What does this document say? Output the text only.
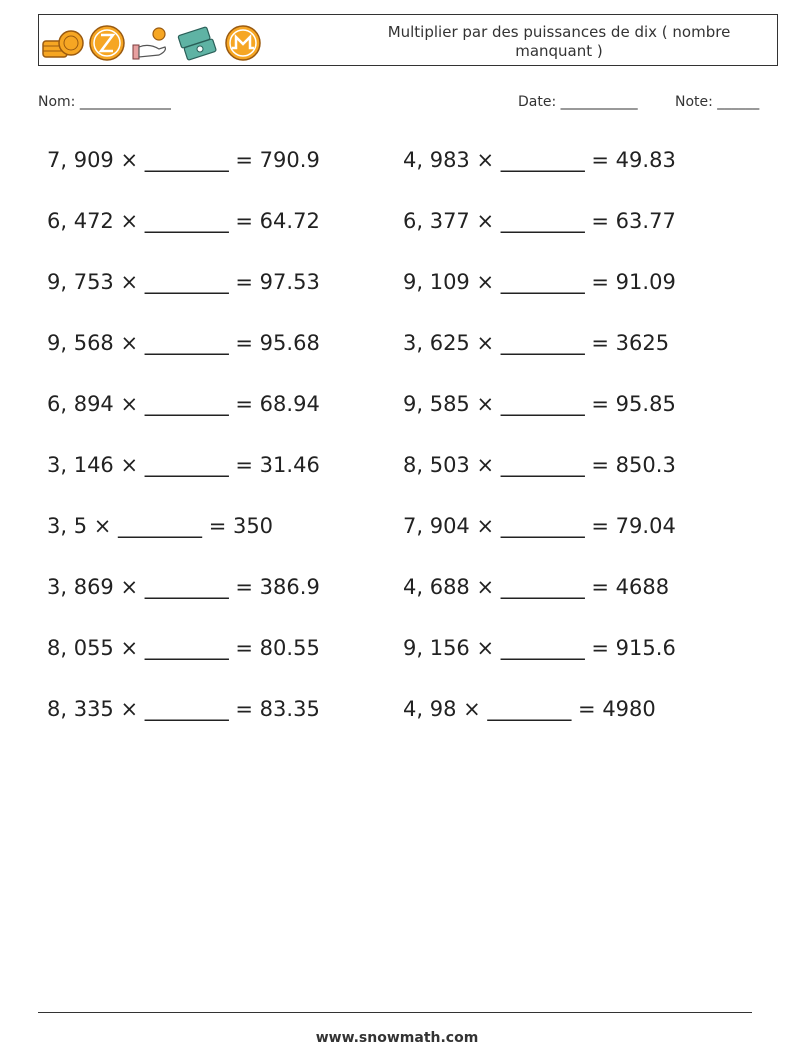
Multiplier par des puissances de dix ( nombre manquant )
Nom: _____________	Date: ___________	Note: ______
7, 909 × ________ = 790.9	4, 983 × ________ = 49.83
6, 472 × ________ = 64.72	6, 377 × ________ = 63.77
9, 753 × ________ = 97.53	9, 109 × ________ = 91.09
9, 568 × ________ = 95.68	3, 625 × ________ = 3625
6, 894 × ________ = 68.94	9, 585 × ________ = 95.85
3, 146 × ________ = 31.46	8, 503 × ________ = 850.3
3, 5 × ________ = 350	7, 904 × ________ = 79.04
3, 869 × ________ = 386.9	4, 688 × ________ = 4688
8, 055 × ________ = 80.55	9, 156 × ________ = 915.6
8, 335 × ________ = 83.35	4, 98 × ________ = 4980
www.snowmath.com
